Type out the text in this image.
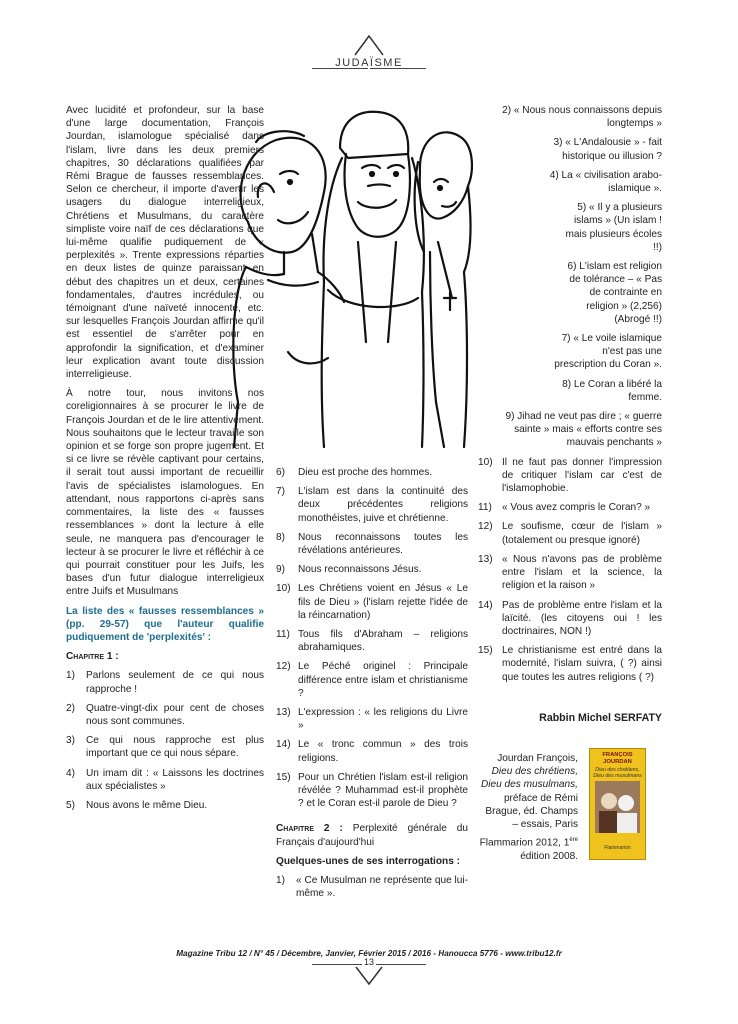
JUDAÏSME

Avec lucidité et profondeur, sur la base d'une large documentation, François Jourdan, islamologue spécialisé dans l'islam, livre dans les deux premiers chapitres, 30 déclarations qualifiées par Rémi Brague de fausses ressemblances. Selon ce chercheur, il importe d'avertir les usagers du dialogue interreligieux, Chrétiens et Musulmans, du caractère simpliste voire naïf de ces déclarations que lui-même qualifie pudiquement de « perplexités ». Trente expressions réparties en deux listes de quinze paraissant en début des chapitres un et deux, certaines fondamentales, d'autres incrédules, ou témoignant d'une naïveté innocente, etc. sur lesquelles François Jourdan affirme qu'il est essentiel de s'arrêter pour en approfondir la signification, et d'examiner leur explication avant toute discussion interreligieuse.

À notre tour, nous invitons nos coreligionnaires à se procurer le livre de François Jourdan et de le lire attentivement. Nous souhaitons que le lecteur travaille son opinion et se forge son propre jugement. Et si ce livre se révèle captivant pour certains, il serait tout aussi important de recueillir l'avis de spécialistes islamologues. En attendant, nous rapportons ci-après sans commentaires, la liste des « fausses ressemblances » dont la lecture à elle seule, ne manquera pas d'encourager le lecteur à se procurer le livre et réfléchir à ce qui pourrait constituer pour les Juifs, les bases d'un futur dialogue interreligieux entre Juifs et Musulmans

La liste des « fausses ressemblances » (pp. 29-57) que l'auteur qualifie pudiquement de 'perplexités' :

Chapitre 1 :

1)	Parlons seulement de ce qui nous rapproche !
2)	Quatre-vingt-dix pour cent de choses nous sont communes.
3)	Ce qui nous rapproche est plus important que ce qui nous sépare.
4)	Un imam dit : « Laissons les doctrines aux spécialistes »
5)	Nous avons le même Dieu.
6)	Dieu est proche des hommes.
7)	L'islam est dans la continuité des deux précédentes religions monothéistes, juive et chrétienne.
8)	Nous reconnaissons toutes les révélations antérieures.
9)	Nous reconnaissons Jésus.
10) Les Chrétiens voient en Jésus « Le fils de Dieu » (l'islam rejette l'idée de la réincarnation)
11) Tous fils d'Abraham – religions abrahamiques.
12) Le Péché originel : Principale différence entre islam et christianisme ?
13) L'expression : « les religions du Livre »
14) Le « tronc commun » des trois religions.
15) Pour un Chrétien l'islam est-il religion révélée ? Muhammad est-il prophète ? et le Coran est-il parole de Dieu ?

Chapitre 2 : Perplexité générale du Français d'aujourd'hui

Quelques-unes de ses interrogations :

1)	« Ce Musulman ne représente que lui-même ».

2) « Nous nous connaissons depuis longtemps »

3) « L'Andalousie » - fait historique ou illusion ?

4) La « civilisation arabo-islamique ».

5) « Il y a plusieurs islams » (Un islam ! mais plusieurs écoles !!)

6) L'islam est religion de tolérance – « Pas de contrainte en religion » (2,256) (Abrogé !!)

7) « Le voile islamique n'est pas une prescription du Coran ».

8) Le Coran a libéré la femme.

9) Jihad ne veut pas dire ; « guerre sainte » mais « efforts contre ses mauvais penchants »

10) Il ne faut pas donner l'impression de critiquer l'islam car c'est de l'islamophobie.
11)	« Vous avez compris le Coran? »
12) Le soufisme, cœur de l'islam » (totalement ou presque ignoré)
13) « Nous n'avons pas de problème entre l'islam et la science, la religion et la raison »
14) Pas de problème entre l'islam et la laïcité. (les citoyens oui ! les doctrinaires, NON !)
15) Le christianisme est entré dans la modernité, l'islam suivra, ( ?) ainsi que toutes les autres religions ( ?)
Rabbin Michel SERFATY
Jourdan François,
Dieu des chrétiens, Dieu des musulmans,
préface de Rémi Brague, éd. Champs – essais, Paris
Flammarion 2012, 1ère édition 2008.
FRANÇOIS JOURDAN
Dieu des chrétiens, Dieu des musulmans
Flammarion
Magazine Tribu 12 / N° 45 / Décembre, Janvier, Février 2015 / 2016 - Hanoucca 5776 - www.tribu12.fr
13
